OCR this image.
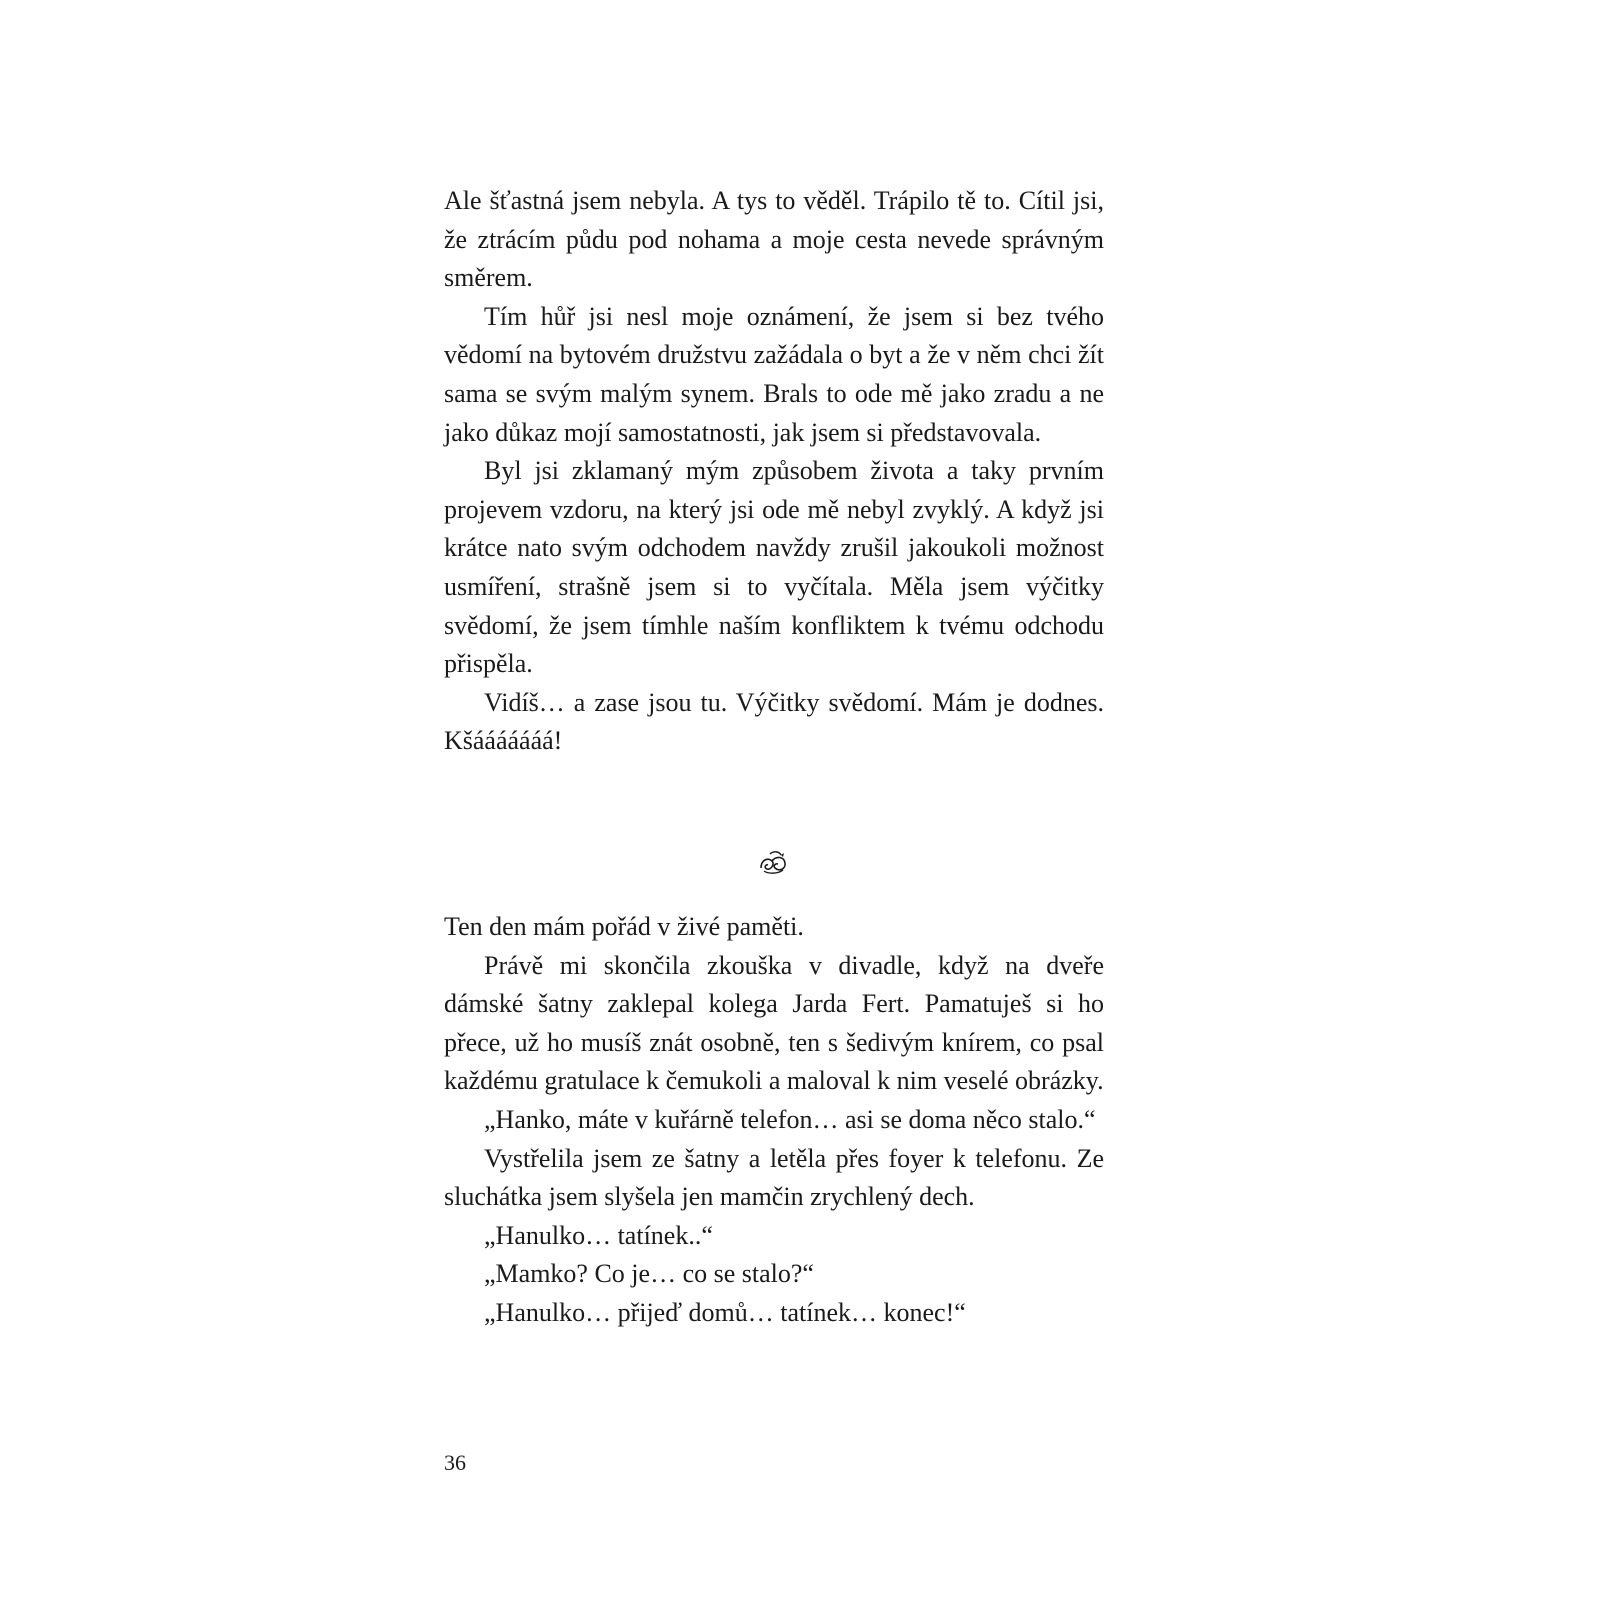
Ale šťastná jsem nebyla. A tys to věděl. Trápilo tě to. Cítil jsi, že ztrácím půdu pod nohama a moje cesta nevede správným směrem.

Tím hůř jsi nesl moje oznámení, že jsem si bez tvého vědomí na bytovém družstvu zažádala o byt a že v něm chci žít sama se svým malým synem. Brals to ode mě jako zradu a ne jako důkaz mojí samostatnosti, jak jsem si představovala.

Byl jsi zklamaný mým způsobem života a taky prvním projevem vzdoru, na který jsi ode mě nebyl zvyklý. A když jsi krátce nato svým odchodem navždy zrušil jakoukoli možnost usmíření, strašně jsem si to vyčítala. Měla jsem výčitky svědomí, že jsem tímhle naším konfliktem k tvému odchodu přispěla.

Vidíš… a zase jsou tu. Výčitky svědomí. Mám je dodnes. Kšááááááá!

Ten den mám pořád v živé paměti.

Právě mi skončila zkouška v divadle, když na dveře dámské šatny zaklepal kolega Jarda Fert. Pamatuješ si ho přece, už ho musíš znát osobně, ten s šedivým knírem, co psal každému gratulace k čemukoli a maloval k nim veselé obrázky.

„Hanko, máte v kuřárně telefon… asi se doma něco stalo.“

Vystřelila jsem ze šatny a letěla přes foyer k telefonu. Ze sluchátka jsem slyšela jen mamčin zrychlený dech.

„Hanulko… tatínek..“

„Mamko? Co je… co se stalo?“

„Hanulko… přijeď domů… tatínek… konec!“

36
